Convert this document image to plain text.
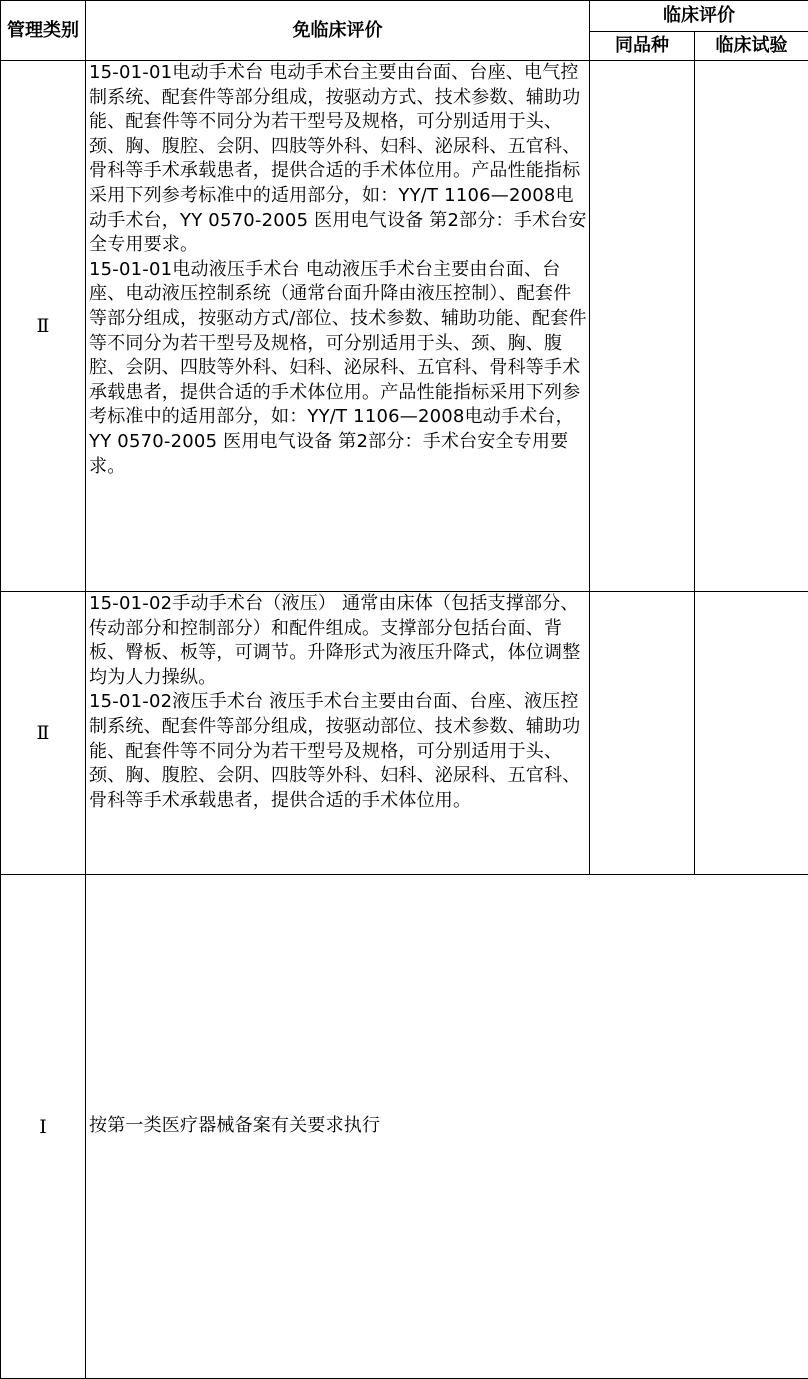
管理类别	免临床评价	临床评价	
		同品种	临床试验
Ⅱ	15-01-01电动手术台 电动手术台主要由台面、台座、电气控制系统、配套件等部分组成，按驱动方式、技术参数、辅助功能、配套件等不同分为若干型号及规格，可分别适用于头、颈、胸、腹腔、会阴、四肢等外科、妇科、泌尿科、五官科、骨科等手术承载患者，提供合适的手术体位用。产品性能指标采用下列参考标准中的适用部分，如：YY/T 1106—2008电动手术台，YY 0570-2005 医用电气设备 第2部分：手术台安全专用要求。

15-01-01电动液压手术台 电动液压手术台主要由台面、台座、电动液压控制系统（通常台面升降由液压控制）、配套件等部分组成，按驱动方式/部位、技术参数、辅助功能、配套件等不同分为若干型号及规格，可分别适用于头、颈、胸、腹腔、会阴、四肢等外科、妇科、泌尿科、五官科、骨科等手术承载患者，提供合适的手术体位用。产品性能指标采用下列参考标准中的适用部分，如：YY/T 1106—2008电动手术台，YY 0570-2005 医用电气设备 第2部分：手术台安全专用要求。		

Ⅱ	15-01-02手动手术台（液压） 通常由床体（包括支撑部分、传动部分和控制部分）和配件组成。支撑部分包括台面、背板、臀板、板等，可调节。升降形式为液压升降式，体位调整均为人力操纵。

15-01-02液压手术台 液压手术台主要由台面、台座、液压控制系统、配套件等部分组成，按驱动部位、技术参数、辅助功能、配套件等不同分为若干型号及规格，可分别适用于头、颈、胸、腹腔、会阴、四肢等外科、妇科、泌尿科、五官科、骨科等手术承载患者，提供合适的手术体位用。		

Ⅰ	按第一类医疗器械备案有关要求执行		
